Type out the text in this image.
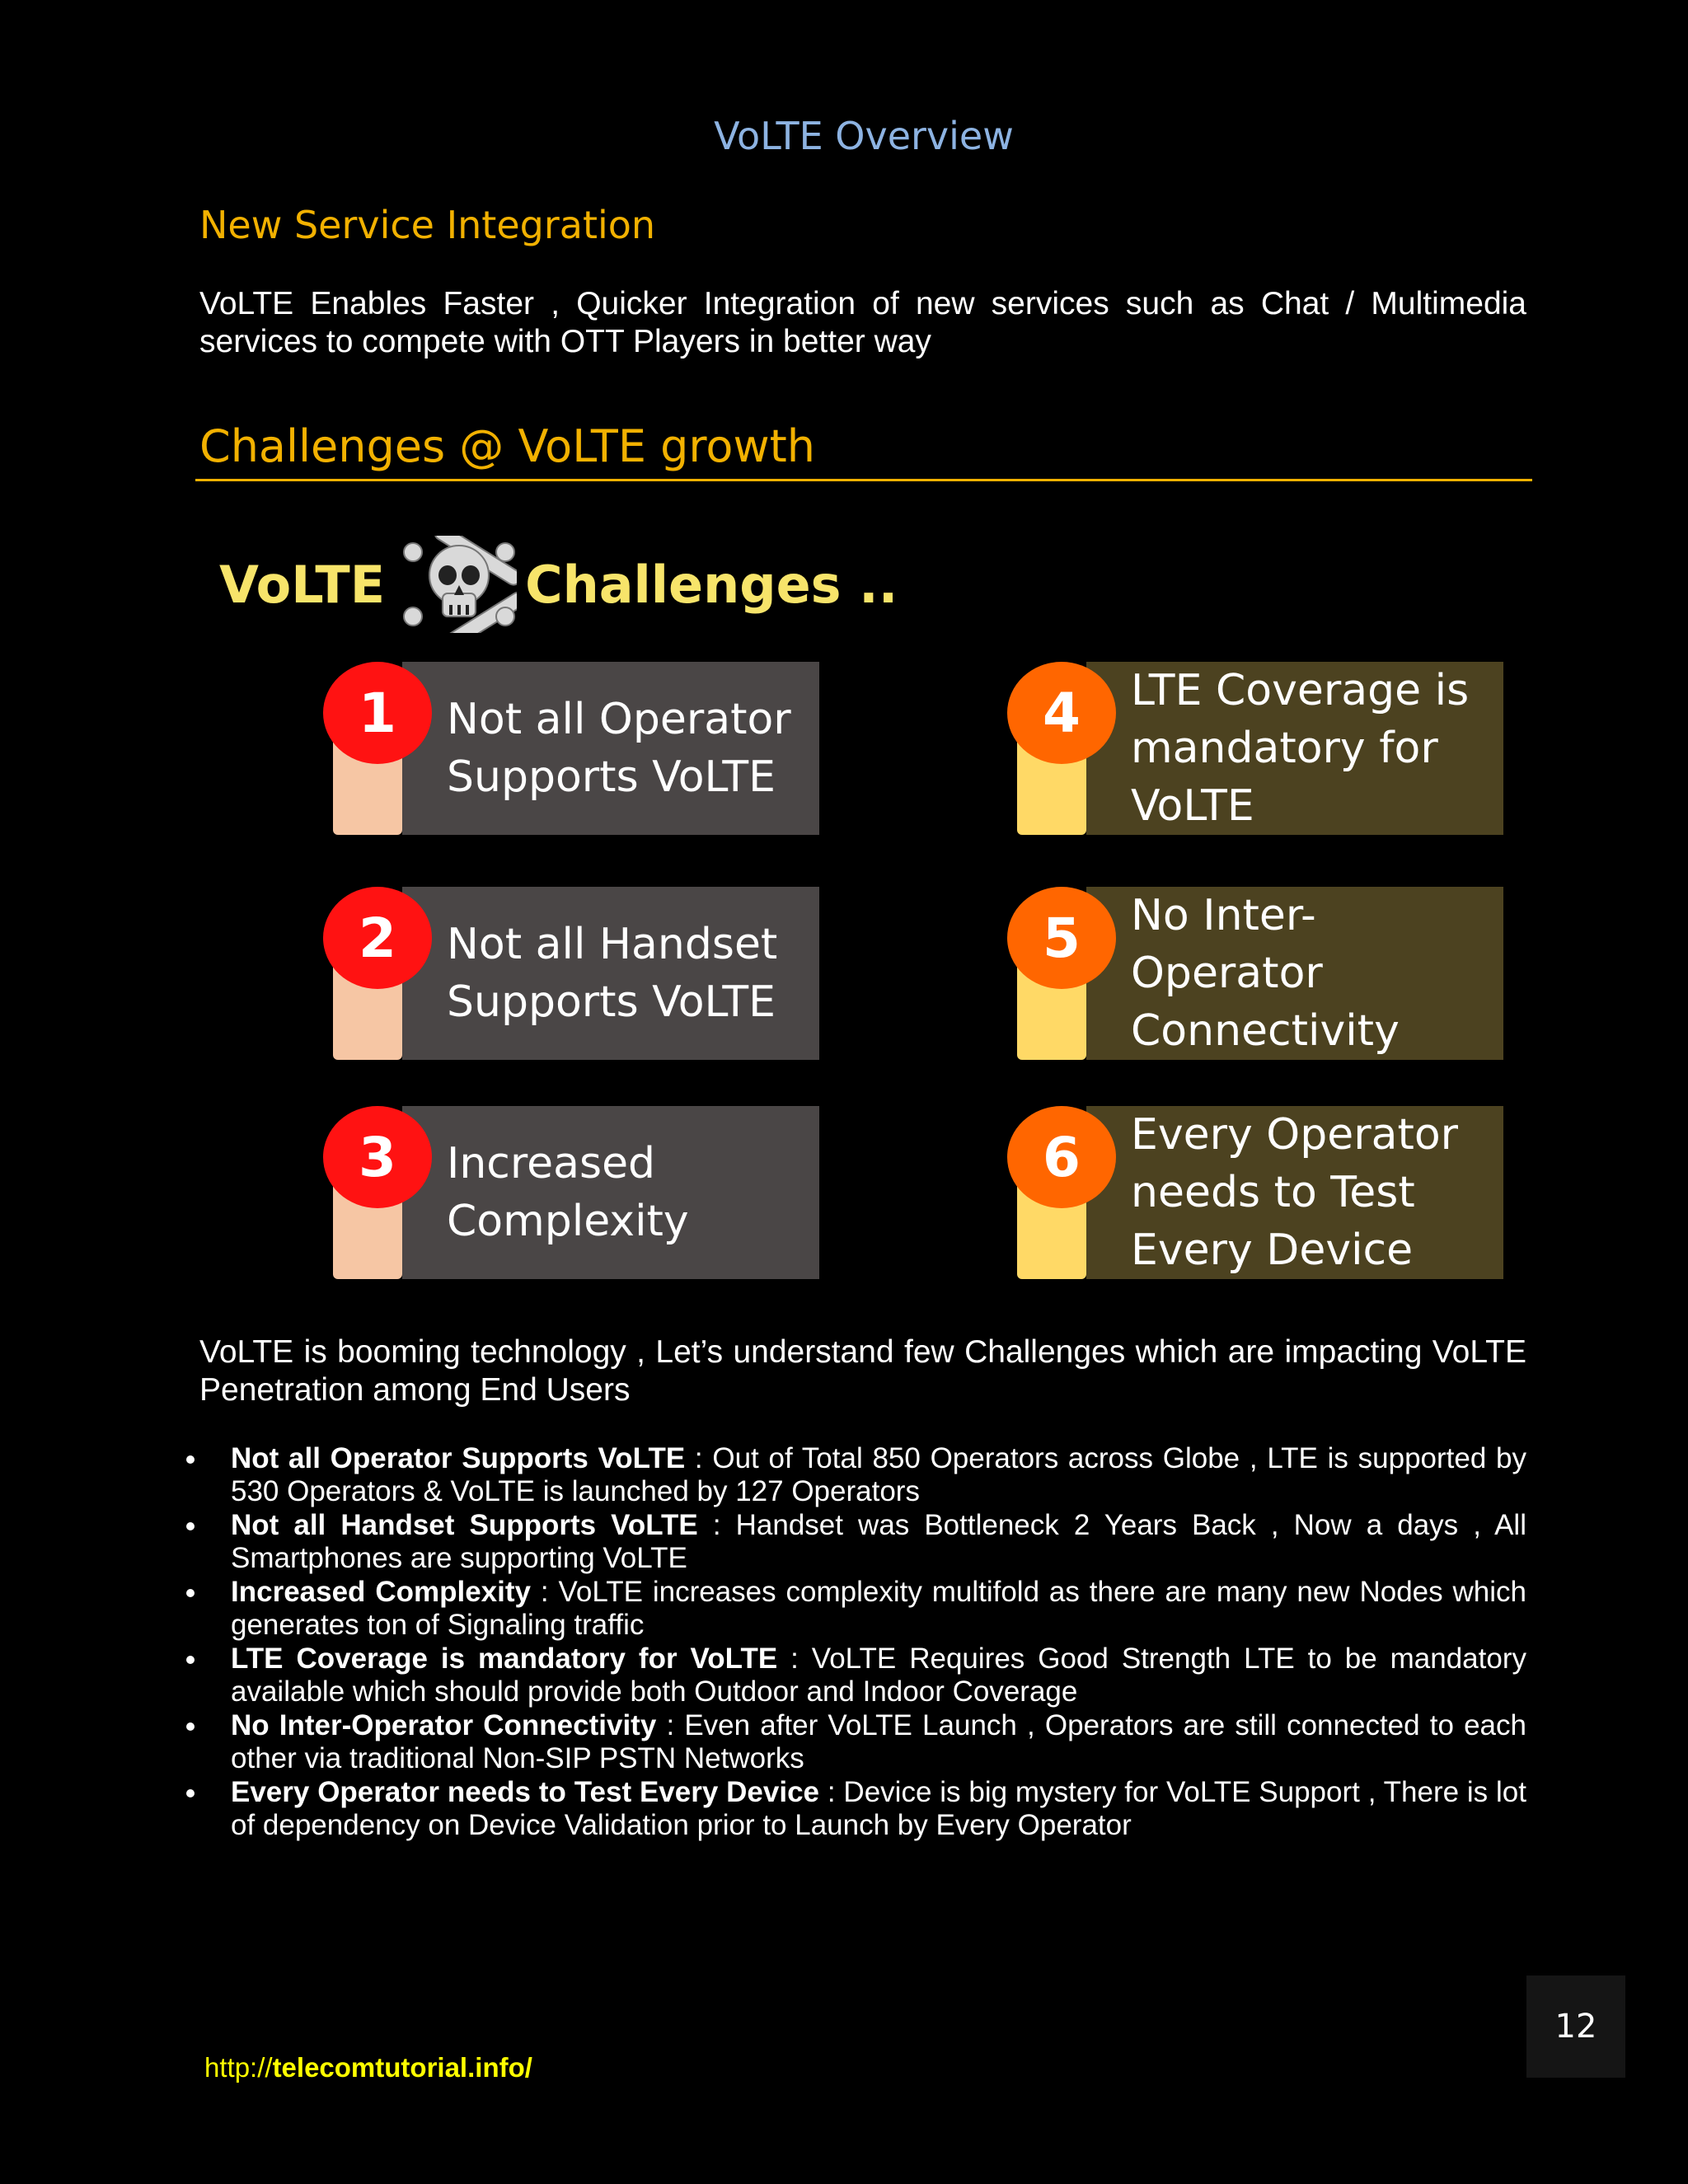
VoLTE Overview
New Service Integration
VoLTE Enables Faster , Quicker Integration of new services such as Chat / Multimedia services to compete with OTT Players in better way
Challenges @ VoLTE growth
VoLTE	Challenges ..
1	Not all Operator Supports VoLTE
2	Not all Handset Supports VoLTE
3	Increased Complexity
4	LTE Coverage is mandatory for VoLTE
5	No Inter-Operator Connectivity
6	Every Operator needs to Test Every Device
VoLTE is booming technology , Let’s understand few Challenges which are impacting VoLTE Penetration among End Users
Not all Operator Supports VoLTE : Out of Total 850 Operators across Globe , LTE is supported by 530 Operators & VoLTE is launched by 127 Operators
Not all Handset Supports VoLTE : Handset was Bottleneck 2 Years Back , Now a days , All Smartphones are supporting VoLTE
Increased Complexity : VoLTE increases complexity multifold as there are many new Nodes which generates ton of Signaling traffic
LTE Coverage is mandatory for VoLTE : VoLTE Requires Good Strength LTE to be mandatory available which should provide both Outdoor and Indoor Coverage
No Inter-Operator Connectivity : Even after VoLTE Launch , Operators are still connected to each other via traditional Non-SIP PSTN Networks
Every Operator needs to Test Every Device : Device is big mystery for VoLTE Support , There is lot of dependency on Device Validation prior to Launch by Every Operator
12
http://telecomtutorial.info/
